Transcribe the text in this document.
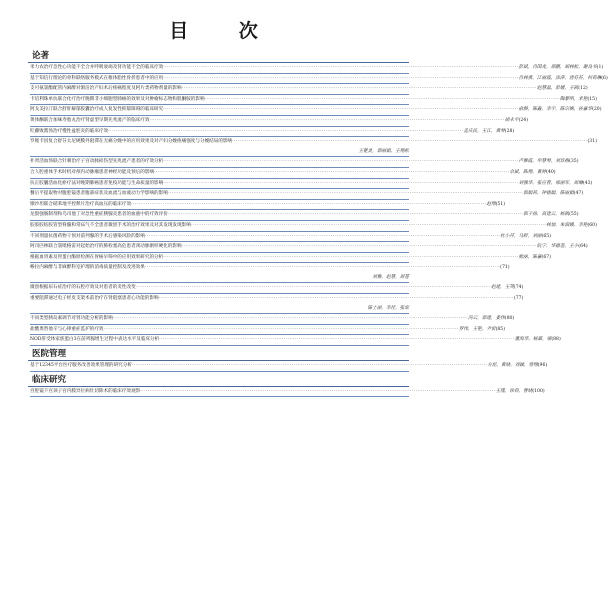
目 次
论著
米力农治疗急性心功能不全合并呼吸衰竭及肾功能不全的临床疗效 ·····	彭斌，肖国龙，邢鹏，胡林松，谢良书 (1)
基于知信行理论的骨科联络服务模式在椎体脂性骨折患者中的应用 ·····	肖林燕，江丽霞，涂萍，唐芬芬，何莉琳 (6)
支可氨氯酯配管内麻醉对颌洁治产妇术后疼痛程度及阿片类药物剂量的影响 ·····	赵慧磊，彭媛，王凯 (12)
卡培利珠单抗联合化疗治疗晚期非小细胞型肺癌的效果及对肿瘤标志物和肌酮胺的影响 ·····	陶黎明，米艳 (15)
阿戈美拉汀联合舒肝解郁胶囊治疗成人复发性抑郁障碍的临床研究 ·····	俞静，陈鑫，李宇，陈宗娴，孙嘉华 (20)
黄体酮联合加味寿胎丸治疗肾虚型早期先兆流产的临床疗效 ·····	胡永平 (24)
红藤败酱汤治疗慢性盆腔炎的临床疗效 ·····	孟庆民，王江，黄琴 (28)
罗哌卡因复合舒芬太尼硬膜外阻滞在无痛分娩中的应用效果及对产妇分娩疼痛强度与分娩结局的影响 ·····	(31)
王楚灵，郭丽娟，王翔松
扑肾活血汤联合针刺治疗子宫动脉损伤型先兆流产患者的疗效分析 ·····	卢雅霞，申慧琴，刘玖梅 (35)
合人腔重体手术时机对颅内动脉瘤患者神经功能及预后的影响 ·····	余斌，陈翔，黄婷 (40)
抗正胶囊活血化瘀疗法对晚期肺癌患者免疫功能与生命质量的影响 ·····	刘强华，张应春，邢丽军，周琳 (43)
餐后平提取物对腹腔镜患者腹部症状及血流与血液动力学影响的影响 ·····	郭娟莉，钟德娟，陈丽娟 (47)
缬沙坦联合硝苯地平控释片治疗高血压的临床疗效 ·····	赵翔 (51)
龙骰强肠制剂和乌司他丁对急性重症胰腺炎患者的血液中的疗效评价 ·····	郭子扬，高建云，杨凯 (55)
胶胶胶结胶管型脊髓和常疝气不全患者微创手术的治疗效果及对其发现发现影响 ·····	林加，朱润娥，李艳 (60)
不同剂量抗菌药物干预对前列腺的手术后感染风险的影响 ·····	杜小芹，马舒，刘丽 (65)
阿司匹林联合氯吡格雷对起始治疗的肺栓塞高危患者颈动脉粥样硬化的影响 ·····	阮宁，华德莲，王小 (64)
根据血胃素及胃蛋白酶原检测在胃癌早筛中的应用效果研究的分析 ·····	熊丽，陈嘉 (67)
喉拉内麻醉与非麻醉科室护理的消毒质量控制及改进效果 ·····	(71)
刘雅，赵慧，周苍
微创根据尿石症治疗的石腔疗效及对患者的炎性改变 ·····	赵建，王英 (74)
重要阻滞通过电子经皮支架术前治疗在肾阻塞患者心功能的影响 ·····	(77)
陈士丽，李佳，张宏
不同类型胰岛素调节对肾功能分析的影响 ·····	冯云，郭建，姜伟 (80)
盐酸奥替他辛与心律重症监护的疗效 ·····	罗伟，王艳，尹宏 (85)
NOD肝受体家族蛋白3在前列腺增生过程中表达水平及临床分析 ·····	董海华，杨翠，梁 (88)
医院管理
基于12345平台医疗服务改善效果管理的研究分析 ·····	方昆，黄晓，刘颖，曾翔 (96)
临床研究
宫腔镜下宫颈子宫内膜异位病灶切除术的临床疗效观察 ·····	王瑾，徐莉，曹晓 (100)
